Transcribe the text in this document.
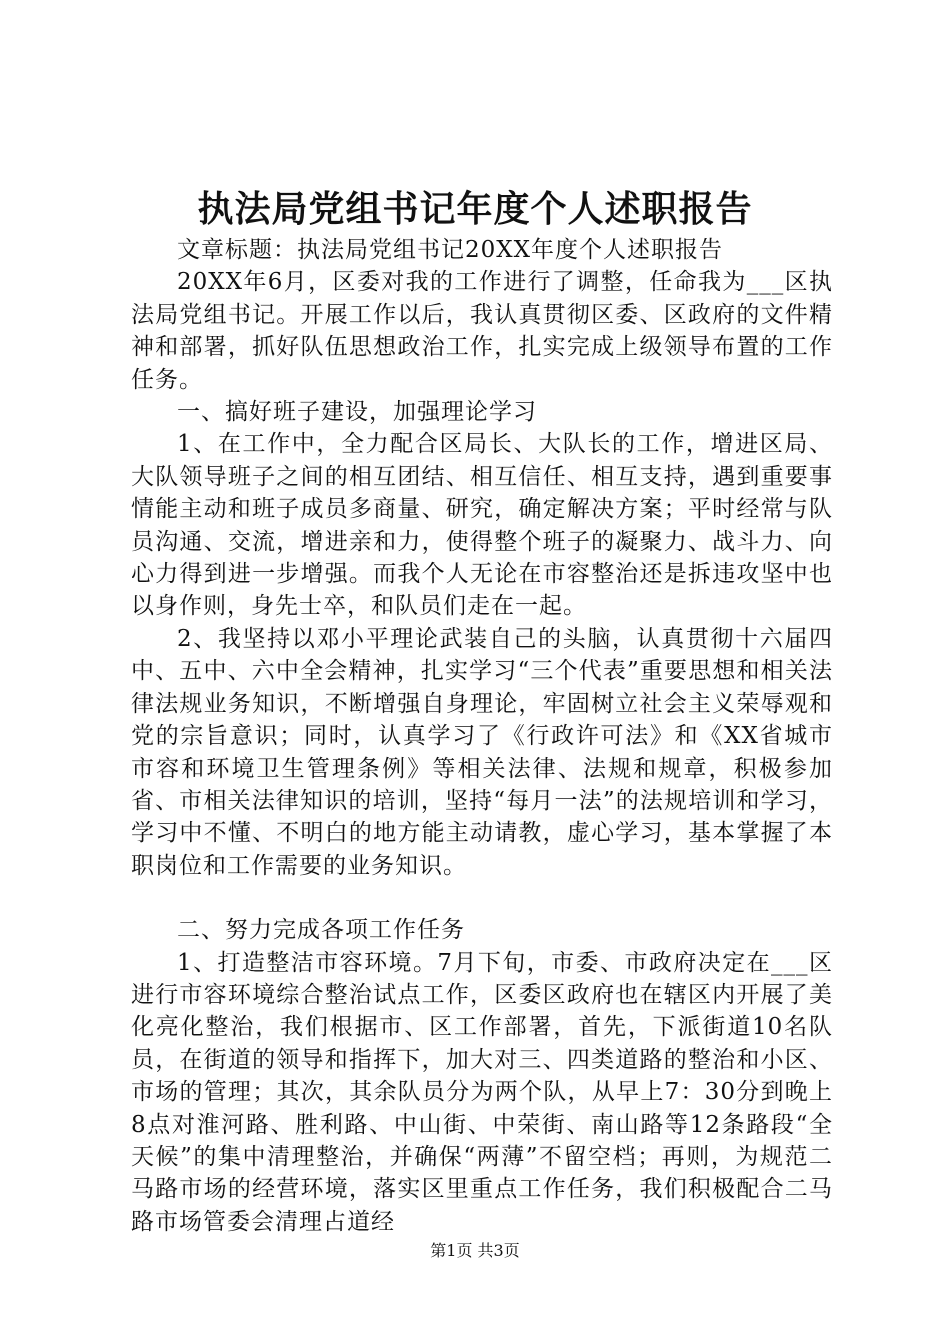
执法局党组书记年度个人述职报告

文章标题：执法局党组书记20XX年度个人述职报告

20XX年6月，区委对我的工作进行了调整，任命我为___区执法局党组书记。开展工作以后，我认真贯彻区委、区政府的文件精神和部署，抓好队伍思想政治工作，扎实完成上级领导布置的工作任务。

一、搞好班子建设，加强理论学习

1、在工作中，全力配合区局长、大队长的工作，增进区局、大队领导班子之间的相互团结、相互信任、相互支持，遇到重要事情能主动和班子成员多商量、研究，确定解决方案；平时经常与队员沟通、交流，增进亲和力，使得整个班子的凝聚力、战斗力、向心力得到进一步增强。而我个人无论在市容整治还是拆违攻坚中也以身作则，身先士卒，和队员们走在一起。

2、我坚持以邓小平理论武装自己的头脑，认真贯彻十六届四中、五中、六中全会精神，扎实学习“三个代表”重要思想和相关法律法规业务知识，不断增强自身理论，牢固树立社会主义荣辱观和党的宗旨意识；同时，认真学习了《行政许可法》和《XX省城市市容和环境卫生管理条例》等相关法律、法规和规章，积极参加省、市相关法律知识的培训，坚持“每月一法”的法规培训和学习，学习中不懂、不明白的地方能主动请教，虚心学习，基本掌握了本职岗位和工作需要的业务知识。

二、努力完成各项工作任务

1、打造整洁市容环境。7月下旬，市委、市政府决定在___区进行市容环境综合整治试点工作，区委区政府也在辖区内开展了美化亮化整治，我们根据市、区工作部署，首先，下派街道10名队员，在街道的领导和指挥下，加大对三、四类道路的整治和小区、市场的管理；其次，其余队员分为两个队，从早上7：30分到晚上8点对淮河路、胜利路、中山街、中荣街、南山路等12条路段“全天候”的集中清理整治，并确保“两薄”不留空档；再则，为规范二马路市场的经营环境，落实区里重点工作任务，我们积极配合二马路市场管委会清理占道经

第1页 共3页
